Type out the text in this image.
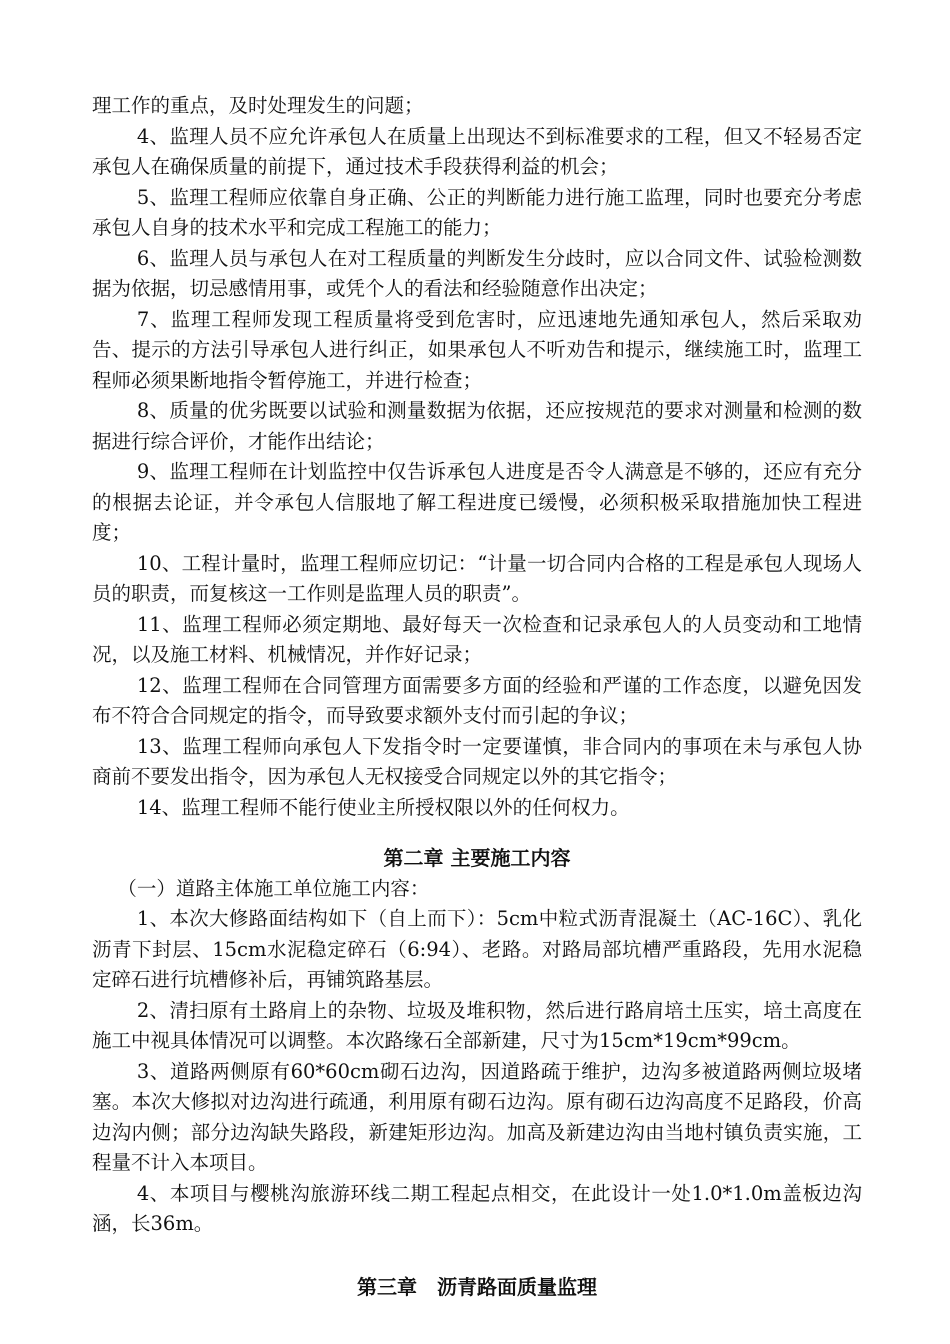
理工作的重点，及时处理发生的问题；

4、监理人员不应允许承包人在质量上出现达不到标准要求的工程，但又不轻易否定承包人在确保质量的前提下，通过技术手段获得利益的机会；

5、监理工程师应依靠自身正确、公正的判断能力进行施工监理，同时也要充分考虑承包人自身的技术水平和完成工程施工的能力；

6、监理人员与承包人在对工程质量的判断发生分歧时，应以合同文件、试验检测数据为依据，切忌感情用事，或凭个人的看法和经验随意作出决定；

7、监理工程师发现工程质量将受到危害时，应迅速地先通知承包人，然后采取劝告、提示的方法引导承包人进行纠正，如果承包人不听劝告和提示，继续施工时，监理工程师必须果断地指令暂停施工，并进行检查；

8、质量的优劣既要以试验和测量数据为依据，还应按规范的要求对测量和检测的数据进行综合评价，才能作出结论；

9、监理工程师在计划监控中仅告诉承包人进度是否令人满意是不够的，还应有充分的根据去论证，并令承包人信服地了解工程进度已缓慢，必须积极采取措施加快工程进度；

10、工程计量时，监理工程师应切记：“计量一切合同内合格的工程是承包人现场人员的职责，而复核这一工作则是监理人员的职责”。

11、监理工程师必须定期地、最好每天一次检查和记录承包人的人员变动和工地情况，以及施工材料、机械情况，并作好记录；

12、监理工程师在合同管理方面需要多方面的经验和严谨的工作态度，以避免因发布不符合合同规定的指令，而导致要求额外支付而引起的争议；

13、监理工程师向承包人下发指令时一定要谨慎，非合同内的事项在未与承包人协商前不要发出指令，因为承包人无权接受合同规定以外的其它指令；

14、监理工程师不能行使业主所授权限以外的任何权力。

第二章 主要施工内容

（一）道路主体施工单位施工内容：

1、本次大修路面结构如下（自上而下）：5cm中粒式沥青混凝土（AC-16C）、乳化沥青下封层、15cm水泥稳定碎石（6:94）、老路。对路局部坑槽严重路段，先用水泥稳定碎石进行坑槽修补后，再铺筑路基层。

2、清扫原有土路肩上的杂物、垃圾及堆积物，然后进行路肩培土压实，培土高度在施工中视具体情况可以调整。本次路缘石全部新建，尺寸为15cm*19cm*99cm。

3、道路两侧原有60*60cm砌石边沟，因道路疏于维护，边沟多被道路两侧垃圾堵塞。本次大修拟对边沟进行疏通，利用原有砌石边沟。原有砌石边沟高度不足路段，价高边沟内侧；部分边沟缺失路段，新建矩形边沟。加高及新建边沟由当地村镇负责实施，工程量不计入本项目。

4、本项目与樱桃沟旅游环线二期工程起点相交，在此设计一处1.0*1.0m盖板边沟涵，长36m。

第三章　沥青路面质量监理
